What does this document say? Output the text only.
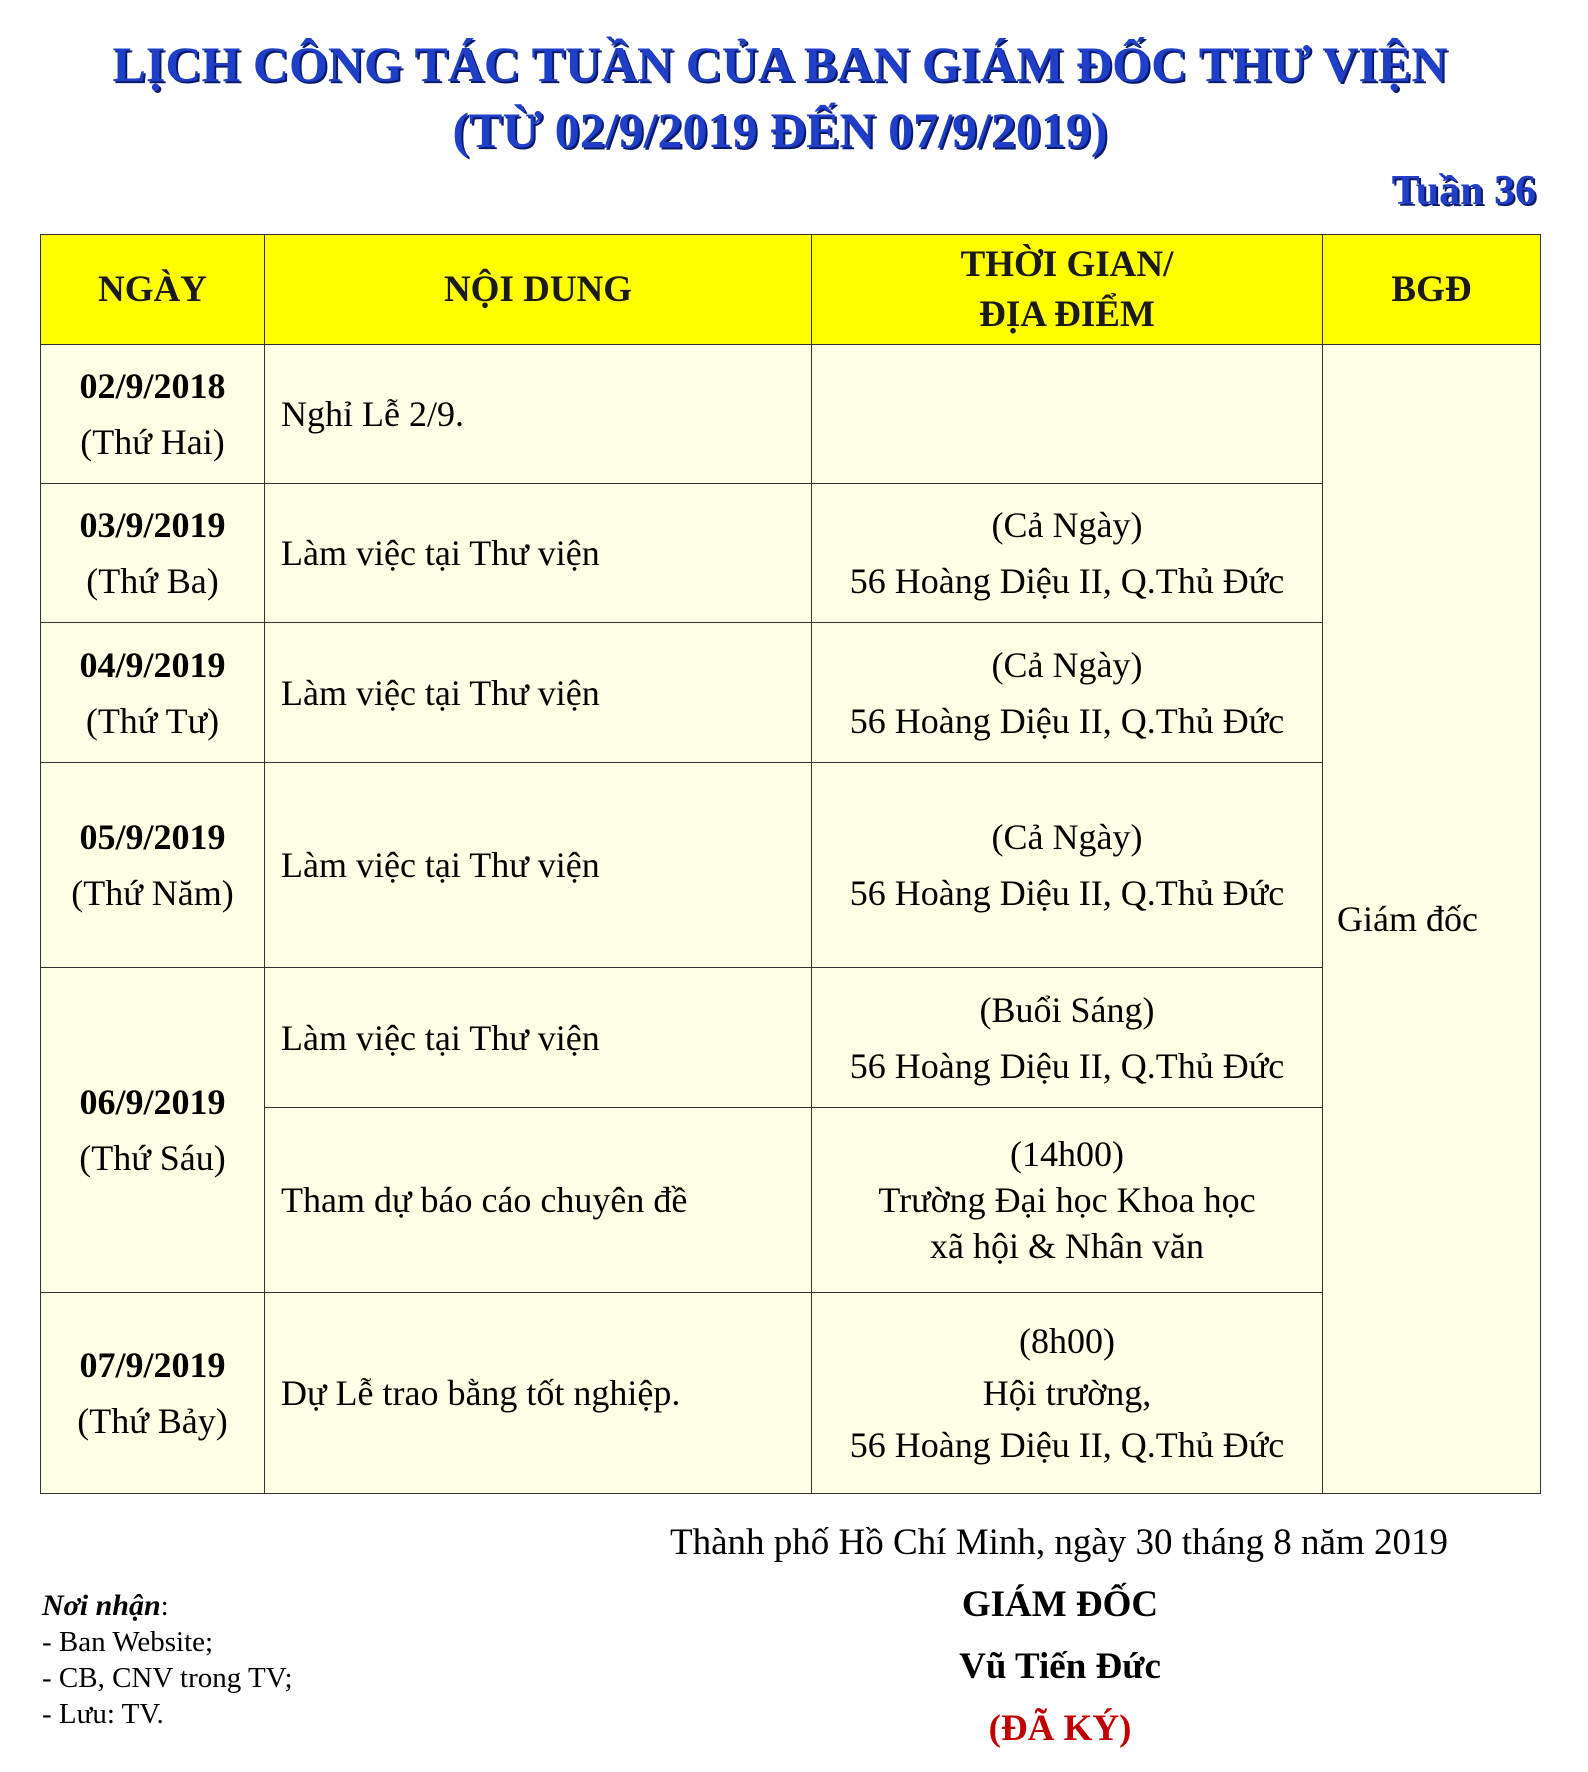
LỊCH CÔNG TÁC TUẦN CỦA BAN GIÁM ĐỐC THƯ VIỆN
(TỪ 02/9/2019 ĐẾN 07/9/2019)
Tuần 36
NGÀY	NỘI DUNG	THỜI GIAN/
ĐỊA ĐIỂM	BGĐ

02/9/2018
(Thứ Hai)	Nghỉ Lễ 2/9.		Giám đốc

03/9/2019
(Thứ Ba)	Làm việc tại Thư viện	(Cả Ngày)
56 Hoàng Diệu II, Q.Thủ Đức	

04/9/2019
(Thứ Tư)	Làm việc tại Thư viện	(Cả Ngày)
56 Hoàng Diệu II, Q.Thủ Đức	

05/9/2019
(Thứ Năm)	Làm việc tại Thư viện	(Cả Ngày)
56 Hoàng Diệu II, Q.Thủ Đức	

06/9/2019
(Thứ Sáu)	Làm việc tại Thư viện	(Buổi Sáng)
56 Hoàng Diệu II, Q.Thủ Đức	
	Tham dự báo cáo chuyên đề	(14h00)
Trường Đại học Khoa học
xã hội & Nhân văn	

07/9/2019
(Thứ Bảy)	Dự Lễ trao bằng tốt nghiệp.	(8h00)
Hội trường,
56 Hoàng Diệu II, Q.Thủ Đức	
Thành phố Hồ Chí Minh, ngày 30 tháng 8 năm 2019
GIÁM ĐỐC
Vũ Tiến Đức
(ĐÃ KÝ)
Nơi nhận:
- Ban Website;
- CB, CNV trong TV;
- Lưu: TV.
